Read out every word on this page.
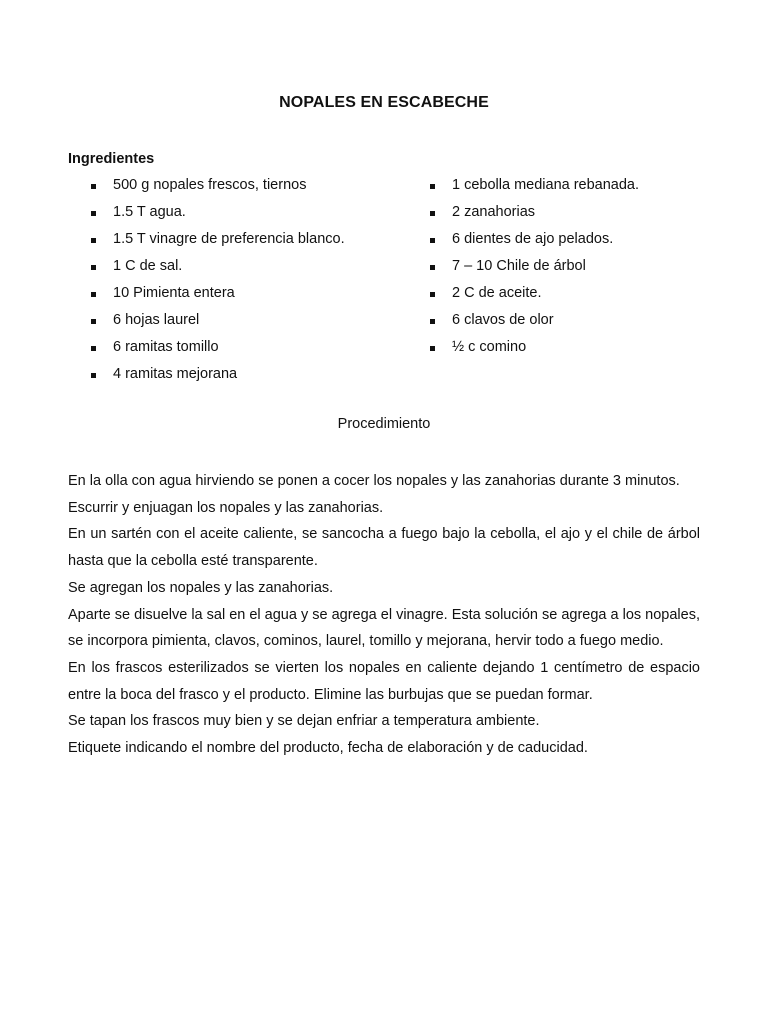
NOPALES EN ESCABECHE
Ingredientes
500 g nopales frescos, tiernos
1.5 T agua.
1.5 T vinagre de preferencia blanco.
1 C de sal.
10 Pimienta entera
6 hojas laurel
6 ramitas tomillo
4 ramitas mejorana
1 cebolla mediana rebanada.
2 zanahorias
6 dientes de ajo pelados.
7 – 10 Chile de árbol
2 C de aceite.
6 clavos de olor
½ c comino
Procedimiento

En la olla con agua hirviendo se ponen a cocer los nopales y las zanahorias durante 3 minutos.

Escurrir y enjuagan los nopales y las zanahorias.

En un sartén con el aceite caliente, se sancocha a fuego bajo la cebolla, el ajo y el chile de árbol hasta que la cebolla esté transparente.

Se agregan los nopales y las zanahorias.

Aparte se disuelve la sal en el agua y se agrega el vinagre. Esta solución se agrega a los nopales, se incorpora pimienta, clavos, cominos, laurel, tomillo y mejorana, hervir todo a fuego medio.

En los frascos esterilizados se vierten los nopales en caliente dejando 1 centímetro de espacio entre la boca del frasco y el producto. Elimine las burbujas que se puedan formar.

Se tapan los frascos muy bien y se dejan enfriar a temperatura ambiente.

Etiquete indicando el nombre del producto, fecha de elaboración y de caducidad.
